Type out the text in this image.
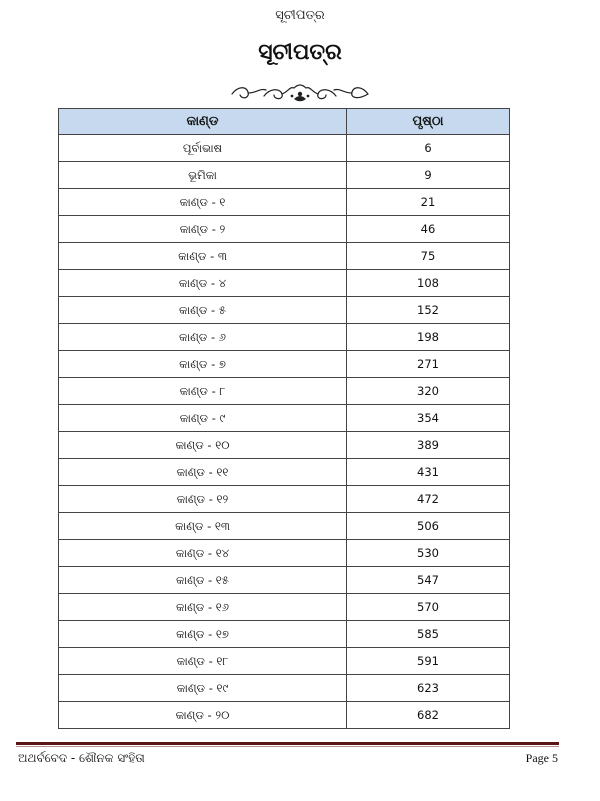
ସୂଚୀପତ୍ର
ସୂଚୀପତ୍ର
କାଣ୍ଡ	ପୃଷ୍ଠା
ପୂର୍ବାଭାଷ	6
ଭୂମିକା	9
କାଣ୍ଡ - ୧	21
କାଣ୍ଡ - ୨	46
କାଣ୍ଡ - ୩	75
କାଣ୍ଡ - ୪	108
କାଣ୍ଡ - ୫	152
କାଣ୍ଡ - ୬	198
କାଣ୍ଡ - ୭	271
କାଣ୍ଡ - ୮	320
କାଣ୍ଡ - ୯	354
କାଣ୍ଡ - ୧୦	389
କାଣ୍ଡ - ୧୧	431
କାଣ୍ଡ - ୧୨	472
କାଣ୍ଡ - ୧୩	506
କାଣ୍ଡ - ୧୪	530
କାଣ୍ଡ - ୧୫	547
କାଣ୍ଡ - ୧୬	570
କାଣ୍ଡ - ୧୭	585
କାଣ୍ଡ - ୧୮	591
କାଣ୍ଡ - ୧୯	623
କାଣ୍ଡ - ୨୦	682
ଅଥର୍ବବେଦ - ଶୌନକ ସଂହିତା	Page 5
